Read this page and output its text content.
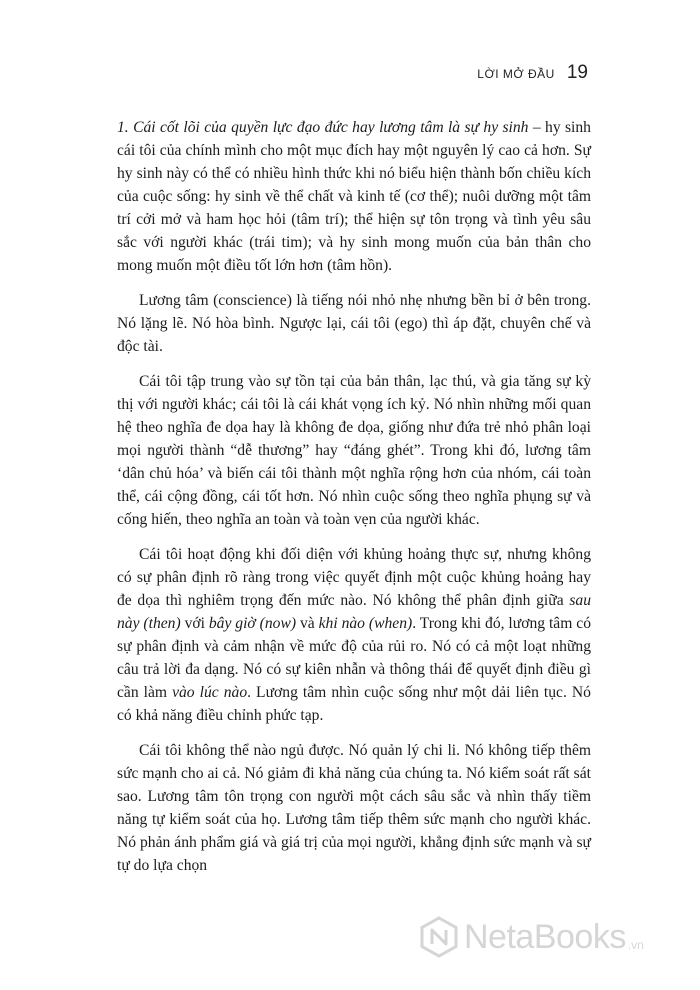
LỜI MỞ ĐẦU 19

1. Cái cốt lõi của quyền lực đạo đức hay lương tâm là sự hy sinh – hy sinh cái tôi của chính mình cho một mục đích hay một nguyên lý cao cả hơn. Sự hy sinh này có thể có nhiều hình thức khi nó biểu hiện thành bốn chiều kích của cuộc sống: hy sinh về thể chất và kinh tế (cơ thể); nuôi dưỡng một tâm trí cởi mở và ham học hỏi (tâm trí); thể hiện sự tôn trọng và tình yêu sâu sắc với người khác (trái tim); và hy sinh mong muốn của bản thân cho mong muốn một điều tốt lớn hơn (tâm hồn).

Lương tâm (conscience) là tiếng nói nhỏ nhẹ nhưng bền bỉ ở bên trong. Nó lặng lẽ. Nó hòa bình. Ngược lại, cái tôi (ego) thì áp đặt, chuyên chế và độc tài.

Cái tôi tập trung vào sự tồn tại của bản thân, lạc thú, và gia tăng sự kỳ thị với người khác; cái tôi là cái khát vọng ích kỷ. Nó nhìn những mối quan hệ theo nghĩa đe dọa hay là không đe dọa, giống như đứa trẻ nhỏ phân loại mọi người thành “dễ thương” hay “đáng ghét”. Trong khi đó, lương tâm ‘dân chủ hóa’ và biến cái tôi thành một nghĩa rộng hơn của nhóm, cái toàn thể, cái cộng đồng, cái tốt hơn. Nó nhìn cuộc sống theo nghĩa phụng sự và cống hiến, theo nghĩa an toàn và toàn vẹn của người khác.

Cái tôi hoạt động khi đối diện với khủng hoảng thực sự, nhưng không có sự phân định rõ ràng trong việc quyết định một cuộc khủng hoảng hay đe dọa thì nghiêm trọng đến mức nào. Nó không thể phân định giữa sau này (then) với bây giờ (now) và khi nào (when). Trong khi đó, lương tâm có sự phân định và cảm nhận về mức độ của rủi ro. Nó có cả một loạt những câu trả lời đa dạng. Nó có sự kiên nhẫn và thông thái để quyết định điều gì cần làm vào lúc nào. Lương tâm nhìn cuộc sống như một dải liên tục. Nó có khả năng điều chỉnh phức tạp.

Cái tôi không thể nào ngủ được. Nó quản lý chi li. Nó không tiếp thêm sức mạnh cho ai cả. Nó giảm đi khả năng của chúng ta. Nó kiểm soát rất sát sao. Lương tâm tôn trọng con người một cách sâu sắc và nhìn thấy tiềm năng tự kiểm soát của họ. Lương tâm tiếp thêm sức mạnh cho người khác. Nó phản ánh phẩm giá và giá trị của mọi người, khẳng định sức mạnh và sự tự do lựa chọn

NetaBooks .vn
